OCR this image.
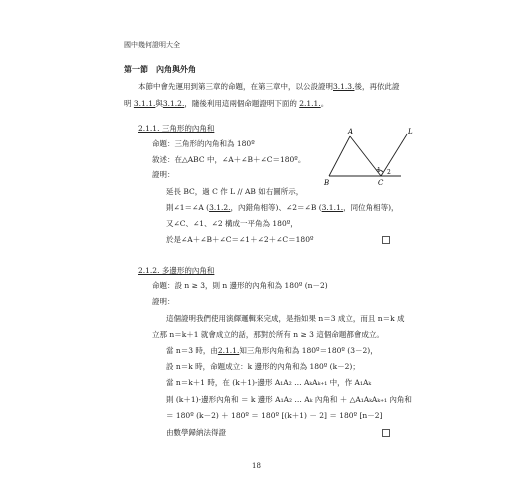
國中幾何證明大全
第一節　內角與外角
本節中會先運用到第三章的命題，在第三章中，以公設證明3.1.3.後，再依此證
明 3.1.1.與3.1.2.，隨後利用這兩個命題證明下面的 2.1.1.。
2.1.1. 三角形的內角和
命題：三角形的內角和為 180º
敘述：在△ABC 中，∠A＋∠B＋∠C＝180º。
證明：
延長 BC，過 C 作 L // AB 如右圖所示，
則∠1＝∠A (3.1.2.，內錯角相等)、∠2＝∠B (3.1.1.，同位角相等)，
又∠C、∠1、∠2 構成一平角為 180º，
於是∠A＋∠B＋∠C＝∠1＋∠2＋∠C＝180º
A
B	C
L
1 2
2.1.2. 多邊形的內角和
命題：設 n ≥ 3，則 n 邊形的內角和為 180º (n－2)
證明：
這個證明我們使用演繹邏輯來完成，是指如果 n＝3 成立，而且 n＝k 成
立那 n＝k＋1 就會成立的話，那對於所有 n ≥ 3 這個命題都會成立。
當 n＝3 時，由2.1.1.知三角形內角和為 180º＝180º (3－2)，
設 n＝k 時，命題成立：k 邊形的內角和為 180º (k－2)；
當 n＝k＋1 時，在 (k＋1)-邊形 A₁A₂ … AₖAₖ₊₁ 中，作 A₁Aₖ
則 (k＋1)-邊形內角和 ＝ k 邊形 A₁A₂ … Aₖ 內角和 ＋ △A₁AₖAₖ₊₁ 內角和
＝ 180º (k－2) ＋ 180º ＝ 180º [(k＋1) － 2] ＝ 180º [n－2]
由數學歸納法得證
18
